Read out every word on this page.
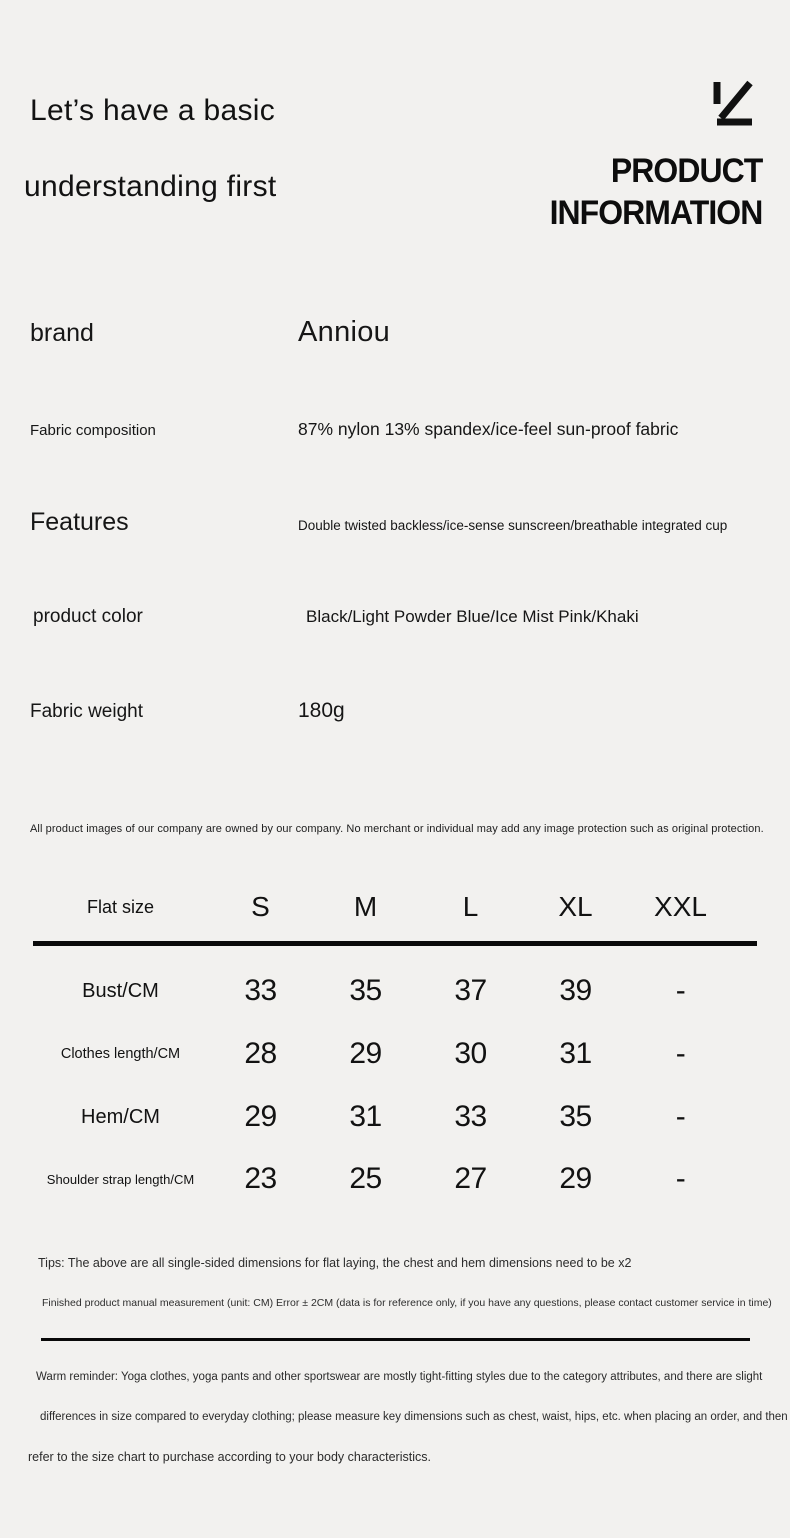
Let’s have a basic
understanding first	PRODUCT
INFORMATION
brand	Anniou
Fabric composition	87% nylon 13% spandex/ice-feel sun-proof fabric
Features	Double twisted backless/ice-sense sunscreen/breathable integrated cup
product color	Black/Light Powder Blue/Ice Mist Pink/Khaki
Fabric weight	180g
All product images of our company are owned by our company. No merchant or individual may add any image protection such as original protection.
Flat size	S	M	L	XL	XXL
Bust/CM	33	35	37	39	-
Clothes length/CM	28	29	30	31	-
Hem/CM	29	31	33	35	-
Shoulder strap length/CM	23	25	27	29	-
Tips: The above are all single-sided dimensions for flat laying, the chest and hem dimensions need to be x2
Finished product manual measurement (unit: CM) Error ± 2CM (data is for reference only, if you have any questions, please contact customer service in time)
Warm reminder: Yoga clothes, yoga pants and other sportswear are mostly tight-fitting styles due to the category attributes, and there are slight
differences in size compared to everyday clothing; please measure key dimensions such as chest, waist, hips, etc. when placing an order, and then
refer to the size chart to purchase according to your body characteristics.
